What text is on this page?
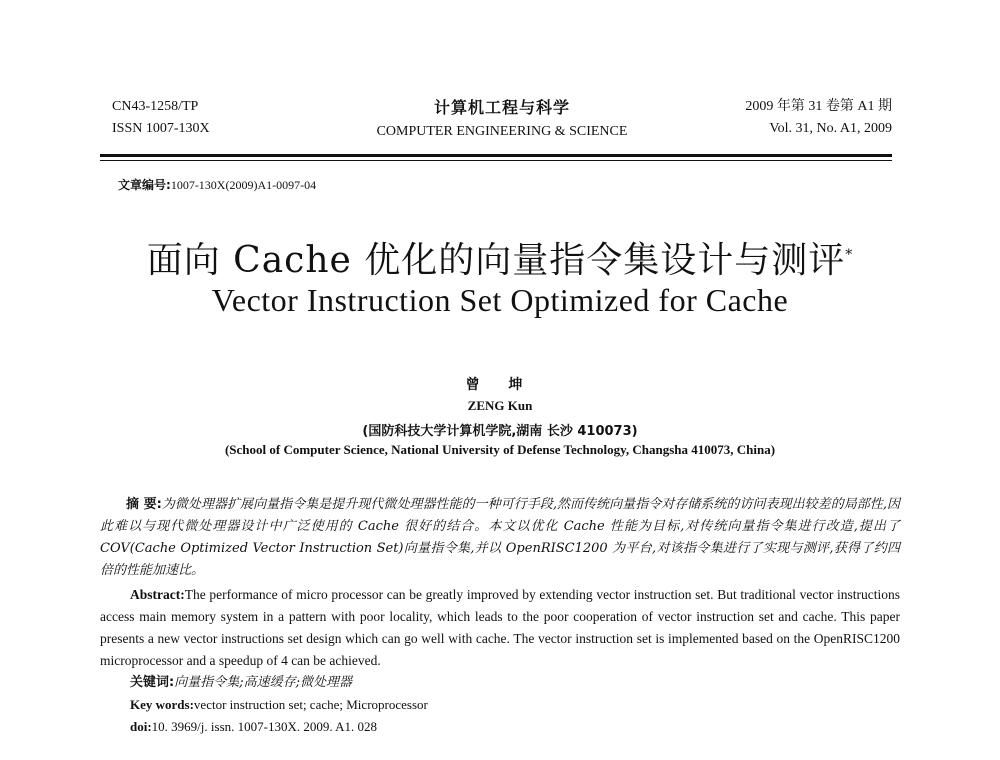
CN43-1258/TP
ISSN 1007-130X
计算机工程与科学
COMPUTER ENGINEERING & SCIENCE
2009 年第 31 卷第 A1 期
Vol. 31, No. A1, 2009
文章编号:1007-130X(2009)A1-0097-04
面向 Cache 优化的向量指令集设计与测评*
Vector Instruction Set Optimized for Cache
曾 坤
ZENG Kun
(国防科技大学计算机学院,湖南 长沙 410073)
(School of Computer Science, National University of Defense Technology, Changsha 410073, China)

摘 要:为微处理器扩展向量指令集是提升现代微处理器性能的一种可行手段,然而传统向量指令对存储系统的访问表现出较差的局部性,因此难以与现代微处理器设计中广泛使用的 Cache 很好的结合。本文以优化 Cache 性能为目标,对传统向量指令集进行改造,提出了 COV(Cache Optimized Vector Instruction Set)向量指令集,并以 OpenRISC1200 为平台,对该指令集进行了实现与测评,获得了约四倍的性能加速比。

Abstract:The performance of micro processor can be greatly improved by extending vector instruction set. But traditional vector instructions access main memory system in a pattern with poor locality, which leads to the poor cooperation of vector instruction set and cache. This paper presents a new vector instructions set design which can go well with cache. The vector instruction set is implemented based on the OpenRISC1200 microprocessor and a speedup of 4 can be achieved.

关键词:向量指令集;高速缓存;微处理器

Key words:vector instruction set; cache; Microprocessor

doi:10. 3969/j. issn. 1007-130X. 2009. A1. 028
